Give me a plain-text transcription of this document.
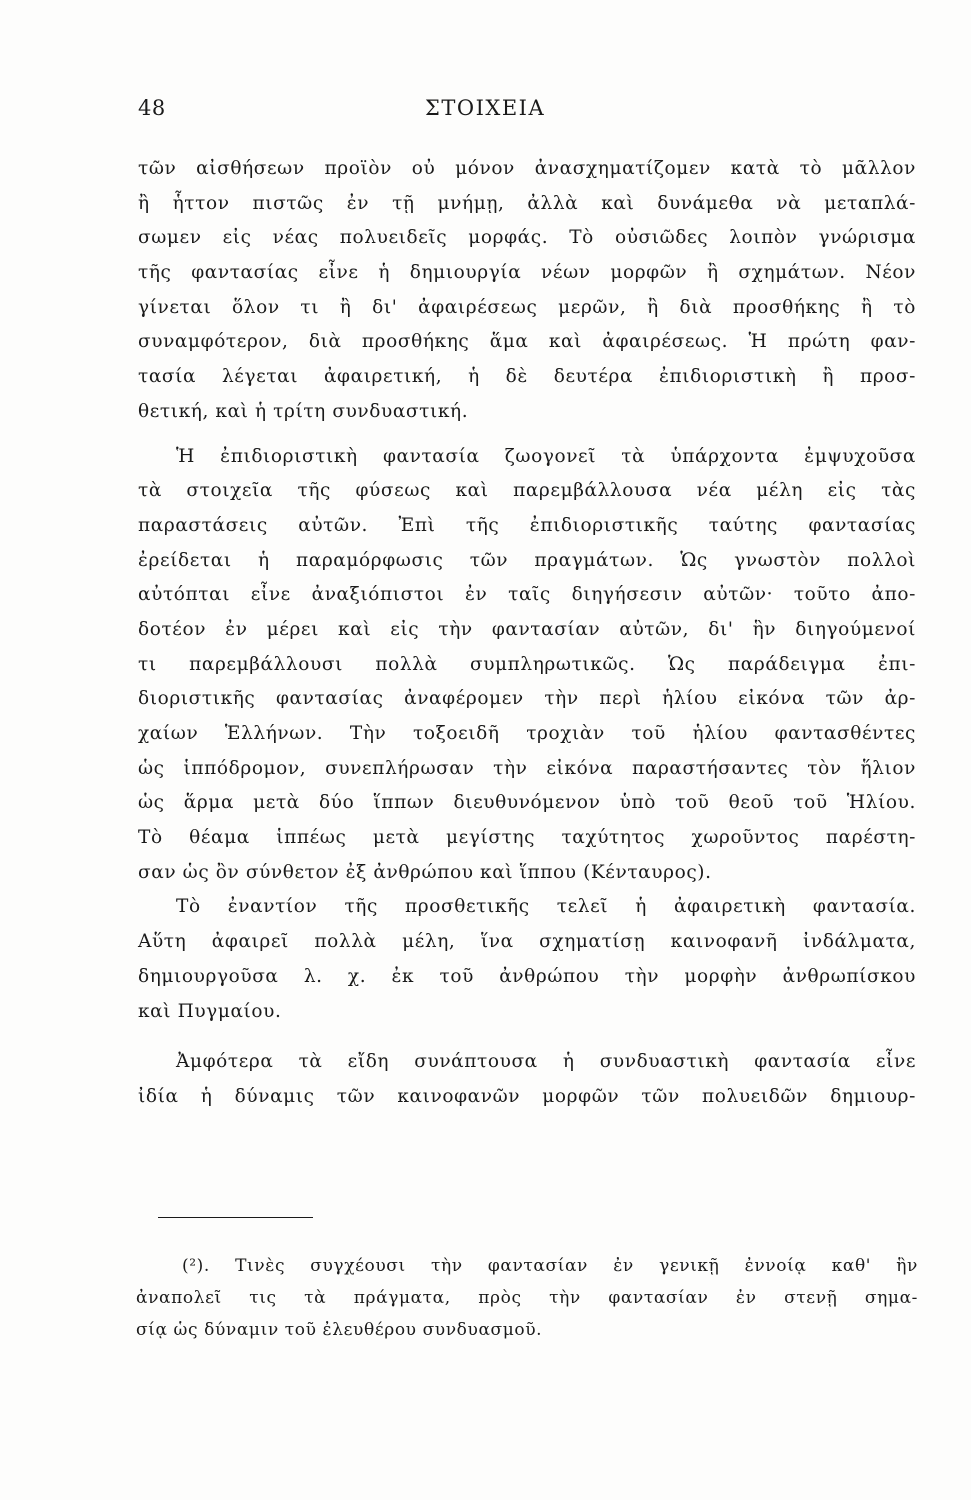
48	ΣΤΟΙΧΕΙΑ
τῶν αἰσθήσεων προϊὸν οὐ μόνον ἀνασχηματίζομεν κατὰ τὸ μᾶλλον
ἢ ἧττον πιστῶς ἐν τῇ μνήμῃ, ἀλλὰ καὶ δυνάμεθα νὰ μεταπλά-
σωμεν εἰς νέας πολυειδεῖς μορφάς. Τὸ οὐσιῶδες λοιπὸν γνώρισμα
τῆς φαντασίας εἶνε ἡ δημιουργία νέων μορφῶν ἢ σχημάτων. Νέον
γίνεται ὅλον τι ἢ δι' ἀφαιρέσεως μερῶν, ἢ διὰ προσθήκης ἢ τὸ
συναμφότερον, διὰ προσθήκης ἅμα καὶ ἀφαιρέσεως. Ἡ πρώτη φαν-
τασία λέγεται ἀφαιρετική, ἡ δὲ δευτέρα ἐπιδιοριστικὴ ἢ προσ-
θετική, καὶ ἡ τρίτη συνδυαστική.
Ἡ ἐπιδιοριστικὴ φαντασία ζωογονεῖ τὰ ὑπάρχοντα ἐμψυχοῦσα
τὰ στοιχεῖα τῆς φύσεως καὶ παρεμβάλλουσα νέα μέλη εἰς τὰς
παραστάσεις αὐτῶν. Ἐπὶ τῆς ἐπιδιοριστικῆς ταύτης φαντασίας
ἐρείδεται ἡ παραμόρφωσις τῶν πραγμάτων. Ὡς γνωστὸν πολλοὶ
αὐτόπται εἶνε ἀναξιόπιστοι ἐν ταῖς διηγήσεσιν αὐτῶν· τοῦτο ἀπο-
δοτέον ἐν μέρει καὶ εἰς τὴν φαντασίαν αὐτῶν, δι' ἣν διηγούμενοί
τι παρεμβάλλουσι πολλὰ συμπληρωτικῶς. Ὡς παράδειγμα ἐπι-
διοριστικῆς φαντασίας ἀναφέρομεν τὴν περὶ ἡλίου εἰκόνα τῶν ἀρ-
χαίων Ἑλλήνων. Τὴν τοξοειδῆ τροχιὰν τοῦ ἡλίου φαντασθέντες
ὡς ἱππόδρομον, συνεπλήρωσαν τὴν εἰκόνα παραστήσαντες τὸν ἥλιον
ὡς ἅρμα μετὰ δύο ἵππων διευθυνόμενον ὑπὸ τοῦ θεοῦ τοῦ Ἡλίου.
Τὸ θέαμα ἱππέως μετὰ μεγίστης ταχύτητος χωροῦντος παρέστη-
σαν ὡς ὂν σύνθετον ἐξ ἀνθρώπου καὶ ἵππου (Κένταυρος).
Τὸ ἐναντίον τῆς προσθετικῆς τελεῖ ἡ ἀφαιρετικὴ φαντασία.
Αὕτη ἀφαιρεῖ πολλὰ μέλη, ἵνα σχηματίσῃ καινοφανῆ ἰνδάλματα,
δημιουργοῦσα λ. χ. ἐκ τοῦ ἀνθρώπου τὴν μορφὴν ἀνθρωπίσκου
καὶ Πυγμαίου.
Ἀμφότερα τὰ εἴδη συνάπτουσα ἡ συνδυαστικὴ φαντασία εἶνε
ἰδία ἡ δύναμις τῶν καινοφανῶν μορφῶν τῶν πολυειδῶν δημιουρ-
(²). Τινὲς συγχέουσι τὴν φαντασίαν ἐν γενικῇ ἐννοίᾳ καθ' ἣν
ἀναπολεῖ τις τὰ πράγματα, πρὸς τὴν φαντασίαν ἐν στενῇ σημα-
σίᾳ ὡς δύναμιν τοῦ ἐλευθέρου συνδυασμοῦ.
